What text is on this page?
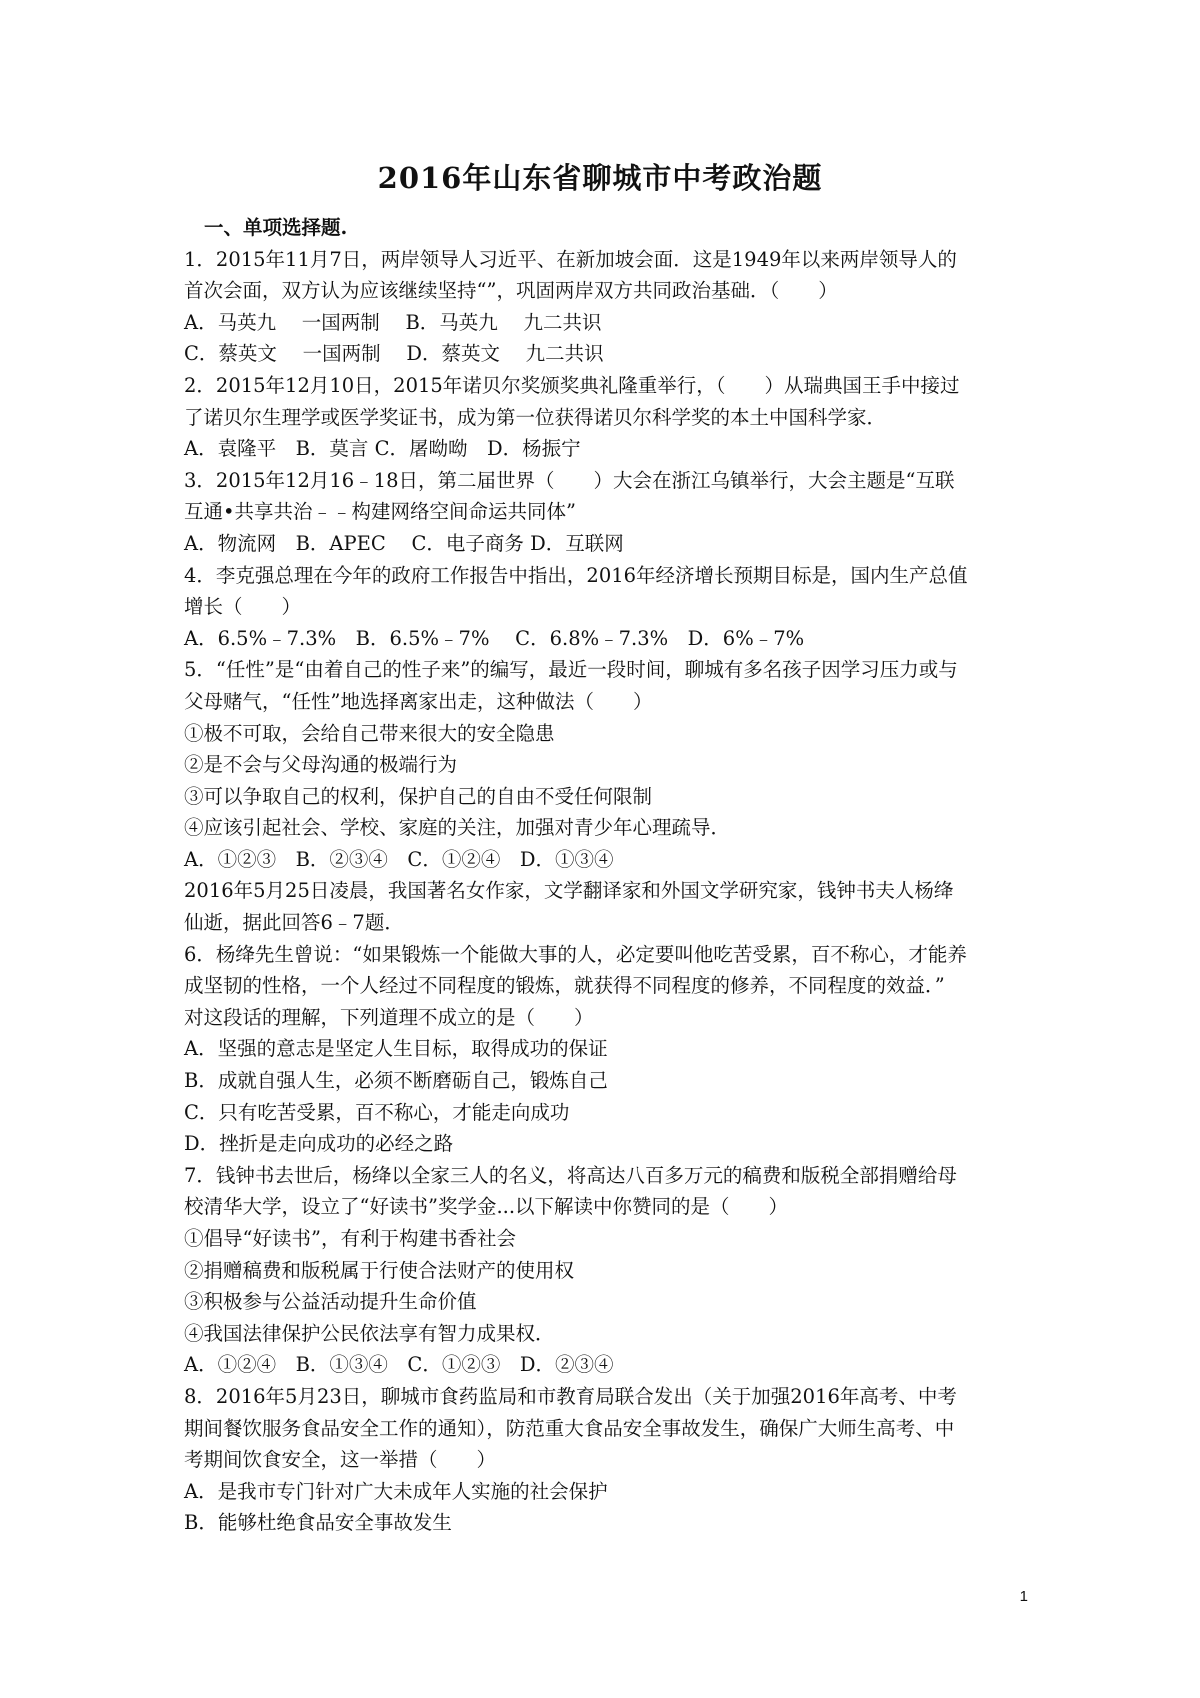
2016年山东省聊城市中考政治题
一、单项选择题.
1．2015年11月7日，两岸领导人习近平、在新加坡会面．这是1949年以来两岸领导人的
首次会面，双方认为应该继续坚持“”，巩固两岸双方共同政治基础．（　　）
A．马英九　 一国两制　 B．马英九　 九二共识
C．蔡英文　 一国两制　 D．蔡英文　 九二共识
2．2015年12月10日，2015年诺贝尔奖颁奖典礼隆重举行，（　　）从瑞典国王手中接过
了诺贝尔生理学或医学奖证书，成为第一位获得诺贝尔科学奖的本土中国科学家．
A．袁隆平　B．莫言 C．屠呦呦　D．杨振宁
3．2015年12月16﹣18日，第二届世界（　　）大会在浙江乌镇举行，大会主题是“互联
互通•共享共治﹣﹣构建网络空间命运共同体”
A．物流网　B．APEC　 C．电子商务 D．互联网
4．李克强总理在今年的政府工作报告中指出，2016年经济增长预期目标是，国内生产总值
增长（　　）
A．6.5%﹣7.3%　B．6.5%﹣7%　 C．6.8%﹣7.3%　D．6%﹣7%
5．“任性”是“由着自己的性子来”的编写，最近一段时间，聊城有多名孩子因学习压力或与
父母赌气，“任性”地选择离家出走，这种做法（　　）
①极不可取，会给自己带来很大的安全隐患
②是不会与父母沟通的极端行为
③可以争取自己的权利，保护自己的自由不受任何限制
④应该引起社会、学校、家庭的关注，加强对青少年心理疏导．
A．①②③　B．②③④　C．①②④　D．①③④
2016年5月25日凌晨，我国著名女作家，文学翻译家和外国文学研究家，钱钟书夫人杨绛
仙逝，据此回答6﹣7题．
6．杨绛先生曾说：“如果锻炼一个能做大事的人，必定要叫他吃苦受累，百不称心，才能养
成坚韧的性格，一个人经过不同程度的锻炼，就获得不同程度的修养，不同程度的效益．”
对这段话的理解，下列道理不成立的是（　　）
A．坚强的意志是坚定人生目标，取得成功的保证
B．成就自强人生，必须不断磨砺自己，锻炼自己
C．只有吃苦受累，百不称心，才能走向成功
D．挫折是走向成功的必经之路
7．钱钟书去世后，杨绛以全家三人的名义，将高达八百多万元的稿费和版税全部捐赠给母
校清华大学，设立了“好读书”奖学金...以下解读中你赞同的是（　　）
①倡导“好读书”，有利于构建书香社会
②捐赠稿费和版税属于行使合法财产的使用权
③积极参与公益活动提升生命价值
④我国法律保护公民依法享有智力成果权．
A．①②④　B．①③④　C．①②③　D．②③④
8．2016年5月23日，聊城市食药监局和市教育局联合发出（关于加强2016年高考、中考
期间餐饮服务食品安全工作的通知），防范重大食品安全事故发生，确保广大师生高考、中
考期间饮食安全，这一举措（　　）
A．是我市专门针对广大未成年人实施的社会保护
B．能够杜绝食品安全事故发生
1
